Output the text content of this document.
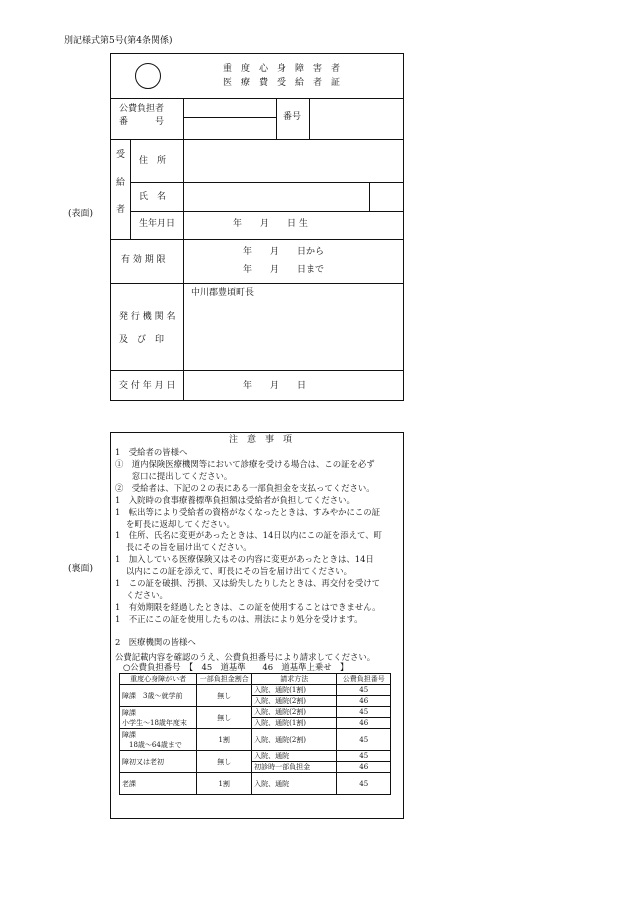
別記様式第5号(第4条関係)
(表面)
(裏面)
重　度　心　身　障　害　者
医　療　費　受　給　者　証
公費負担者
番　　　号	番号
受
給
者
住　所
氏　名
生年月日	年　　月　　日 生
有 効 期 限
年　　月　　日から
年　　月　　日まで
中川郡豊頃町長
発 行 機 関 名
及　び　印
交 付 年 月 日	年　　月　　日
注　意　事　項
1　受給者の皆様へ
①　道内保険医療機関等において診療を受ける場合は、この証を必ず
　　窓口に提出してください。
②　受給者は、下記の２の表にある一部負担金を支払ってください。
1　入院時の食事療養標準負担額は受給者が負担してください。
1　転出等により受給者の資格がなくなったときは、すみやかにこの証
　 を町長に返却してください。
1　住所、氏名に変更があったときは、14日以内にこの証を添えて、町
　 長にその旨を届け出てください。
1　加入している医療保険又はその内容に変更があったときは、14日
　 以内にこの証を添えて、町長にその旨を届け出てください。
1　この証を破損、汚損、又は紛失したりしたときは、再交付を受けて
　 ください。
1　有効期限を経過したときは、この証を使用することはできません。
1　不正にこの証を使用したものは、刑法により処分を受けます。
2　医療機関の皆様へ
公費記載内容を確認のうえ、公費負担番号により請求してください。
○公費負担番号　【　45　道基準　　46　道基準上乗せ　】
重度心身障がい者	一部負担金割合	請求方法	公費負担番号
障課　3歳～就学前	無し	入院、通院(1割)	45
		入院、通院(2割)	46
障課
小学生～18歳年度末	無し	入院、通院(2割)	45
		入院、通院(1割)	46
障課
　18歳～64歳まで	1割	入院、通院(2割)	45
障初又は老初	無し	入院、通院	45
		初診時一部負担金	46
老課	1割	入院、通院	45
